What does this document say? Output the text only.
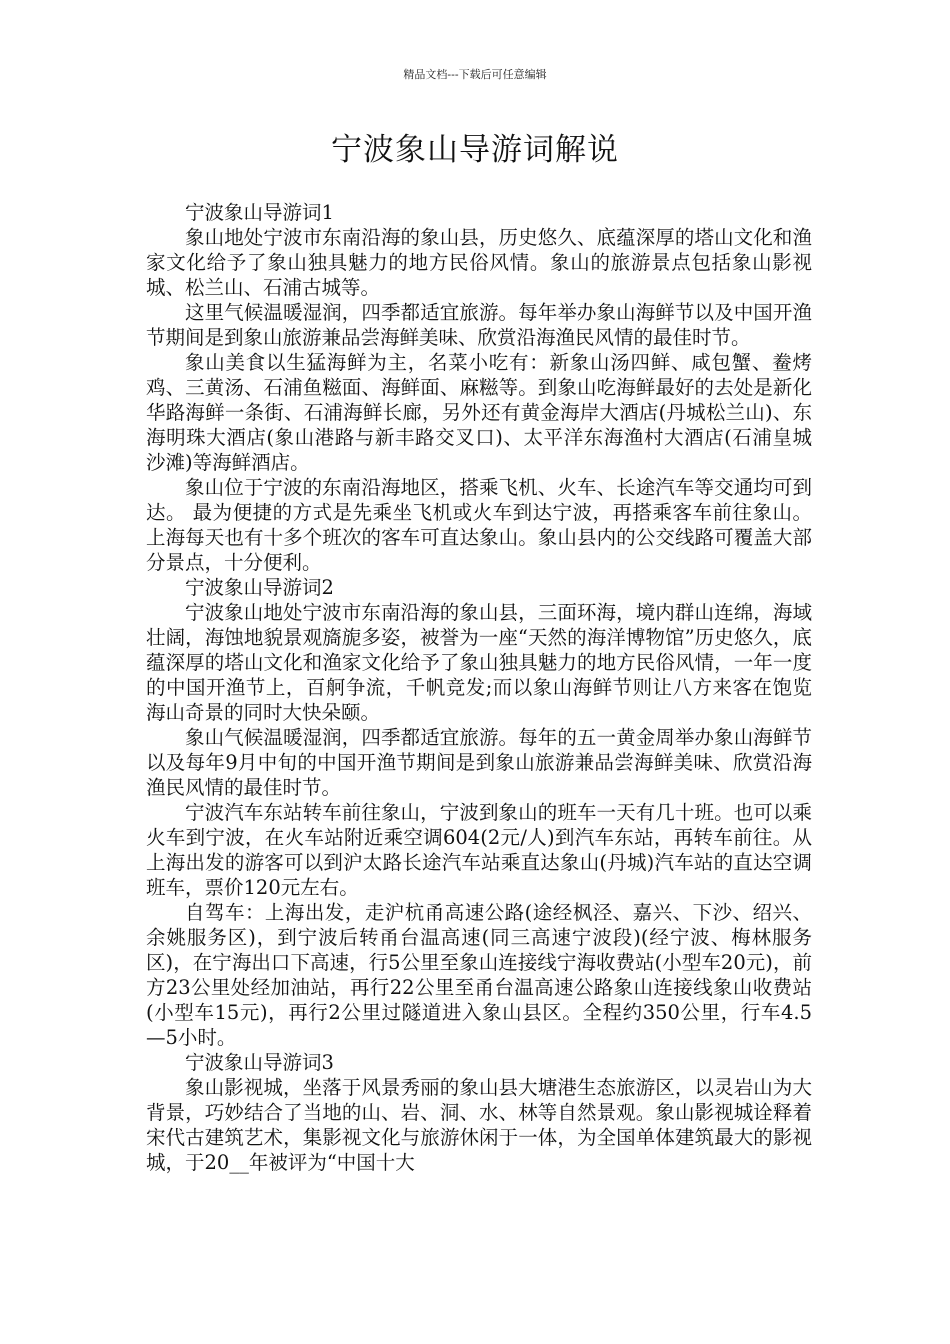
精品文档---下载后可任意编辑
宁波象山导游词解说

宁波象山导游词1

象山地处宁波市东南沿海的象山县，历史悠久、底蕴深厚的塔山文化和渔家文化给予了象山独具魅力的地方民俗风情。象山的旅游景点包括象山影视城、松兰山、石浦古城等。

这里气候温暖湿润，四季都适宜旅游。每年举办象山海鲜节以及中国开渔节期间是到象山旅游兼品尝海鲜美味、欣赏沿海渔民风情的最佳时节。

象山美食以生猛海鲜为主，名菜小吃有：新象山汤四鲜、咸包蟹、鲞烤鸡、三黄汤、石浦鱼糍面、海鲜面、麻糍等。到象山吃海鲜最好的去处是新化华路海鲜一条街、石浦海鲜长廊，另外还有黄金海岸大酒店(丹城松兰山)、东海明珠大酒店(象山港路与新丰路交叉口)、太平洋东海渔村大酒店(石浦皇城沙滩)等海鲜酒店。

象山位于宁波的东南沿海地区，搭乘飞机、火车、长途汽车等交通均可到达。 最为便捷的方式是先乘坐飞机或火车到达宁波，再搭乘客车前往象山。上海每天也有十多个班次的客车可直达象山。象山县内的公交线路可覆盖大部分景点，十分便利。

宁波象山导游词2

宁波象山地处宁波市东南沿海的象山县，三面环海，境内群山连绵，海域壮阔，海蚀地貌景观旖旎多姿，被誉为一座“天然的海洋博物馆”历史悠久，底蕴深厚的塔山文化和渔家文化给予了象山独具魅力的地方民俗风情，一年一度的中国开渔节上，百舸争流，千帆竞发;而以象山海鲜节则让八方来客在饱览海山奇景的同时大快朵颐。

象山气候温暖湿润，四季都适宜旅游。每年的五一黄金周举办象山海鲜节以及每年9月中旬的中国开渔节期间是到象山旅游兼品尝海鲜美味、欣赏沿海渔民风情的最佳时节。

宁波汽车东站转车前往象山，宁波到象山的班车一天有几十班。也可以乘火车到宁波，在火车站附近乘空调604(2元/人)到汽车东站，再转车前往。从上海出发的游客可以到沪太路长途汽车站乘直达象山(丹城)汽车站的直达空调班车，票价120元左右。

自驾车：上海出发，走沪杭甬高速公路(途经枫泾、嘉兴、下沙、绍兴、余姚服务区)，到宁波后转甬台温高速(同三高速宁波段)(经宁波、梅林服务区)，在宁海出口下高速，行5公里至象山连接线宁海收费站(小型车20元)，前方23公里处经加油站，再行22公里至甬台温高速公路象山连接线象山收费站(小型车15元)，再行2公里过隧道进入象山县区。全程约350公里，行车4.5—5小时。

宁波象山导游词3

象山影视城，坐落于风景秀丽的象山县大塘港生态旅游区，以灵岩山为大背景，巧妙结合了当地的山、岩、洞、水、林等自然景观。象山影视城诠释着宋代古建筑艺术，集影视文化与旅游休闲于一体，为全国单体建筑最大的影视城，于20__年被评为“中国十大
